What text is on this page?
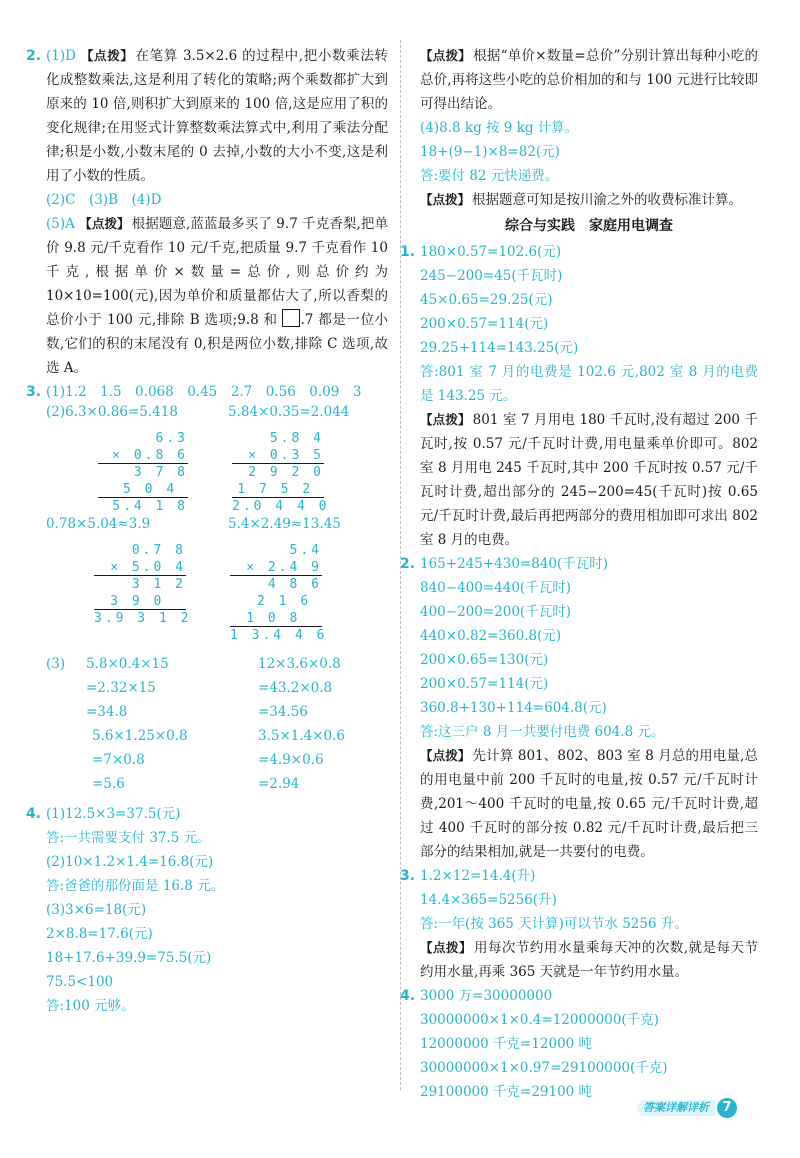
2. (1)D 【点拨】 在笔算 3.5×2.6 的过程中,把小数乘法转化成整数乘法,这是利用了转化的策略;两个乘数都扩大到原来的 10 倍,则积扩大到原来的 100 倍,这是应用了积的变化规律;在用竖式计算整数乘法算式中,利用了乘法分配律;积是小数,小数末尾的 0 去掉,小数的大小不变,这是利用了小数的性质。
(2)C　(3)B　(4)D
(5)A 【点拨】 根据题意,蓝蓝最多买了 9.7 千克香梨,把单价 9.8 元/千克看作 10 元/千克,把质量 9.7 千克看作 10 千克,根据单价×数量=总价,则总价约为 10×10=100(元),因为单价和质量都估大了,所以香梨的总价小于 100 元,排除 B 选项;9.8 和 .7 都是一位小数,它们的积的末尾没有 0,积是两位小数,排除 C 选项,故选 A。
3. (1)1.2　1.5　0.068　0.45　2.7　0.56　0.09　3
(2)6.3×0.86=5.418	5.84×0.35=2.044
6.3
× 0.8 6
3 7 8
5 0 4
5.4 1 8
5.8 4
× 0.3 5
2 9 2 0
1 7 5 2
2.0 4 4 0
0.78×5.04≈3.9	5.4×2.49≈13.45
0.7 8
× 5.0 4
3 1 2
3 9 0
3.9 3 1 2
5.4
× 2.4 9
4 8 6
2 1 6
1 0 8
1 3.4 4 6
(3) 5.8×0.4×15
=2.32×15
=34.8
12×3.6×0.8
=43.2×0.8
=34.56
5.6×1.25×0.8
=7×0.8
=5.6
3.5×1.4×0.6
=4.9×0.6
=2.94
4. (1)12.5×3=37.5(元)
答:一共需要支付 37.5 元。
(2)10×1.2×1.4=16.8(元)
答:爸爸的那份面是 16.8 元。
(3)3×6=18(元)
2×8.8=17.6(元)
18+17.6+39.9=75.5(元)
75.5<100
答:100 元够。
【点拨】 根据“单价×数量=总价”分别计算出每种小吃的总价,再将这些小吃的总价相加的和与 100 元进行比较即可得出结论。
(4)8.8 kg 按 9 kg 计算。
18+(9−1)×8=82(元)
答:要付 82 元快递费。
【点拨】 根据题意可知是按川渝之外的收费标准计算。
综合与实践　家庭用电调查
1. 180×0.57=102.6(元)
245−200=45(千瓦时)
45×0.65=29.25(元)
200×0.57=114(元)
29.25+114=143.25(元)
答:801 室 7 月的电费是 102.6 元,802 室 8 月的电费是 143.25 元。
【点拨】 801 室 7 月用电 180 千瓦时,没有超过 200 千瓦时,按 0.57 元/千瓦时计费,用电量乘单价即可。802 室 8 月用电 245 千瓦时,其中 200 千瓦时按 0.57 元/千瓦时计费,超出部分的 245−200=45(千瓦时)按 0.65 元/千瓦时计费,最后再把两部分的费用相加即可求出 802 室 8 月的电费。
2. 165+245+430=840(千瓦时)
840−400=440(千瓦时)
400−200=200(千瓦时)
440×0.82=360.8(元)
200×0.65=130(元)
200×0.57=114(元)
360.8+130+114=604.8(元)
答:这三户 8 月一共要付电费 604.8 元。
【点拨】 先计算 801、802、803 室 8 月总的用电量,总的用电量中前 200 千瓦时的电量,按 0.57 元/千瓦时计费,201～400 千瓦时的电量,按 0.65 元/千瓦时计费,超过 400 千瓦时的部分按 0.82 元/千瓦时计费,最后把三部分的结果相加,就是一共要付的电费。
3. 1.2×12=14.4(升)
14.4×365=5256(升)
答:一年(按 365 天计算)可以节水 5256 升。
【点拨】 用每次节约用水量乘每天冲的次数,就是每天节约用水量,再乘 365 天就是一年节约用水量。
4. 3000 万=30000000
30000000×1×0.4=12000000(千克)
12000000 千克=12000 吨
30000000×1×0.97=29100000(千克)
29100000 千克=29100 吨
答案详解详析	7
